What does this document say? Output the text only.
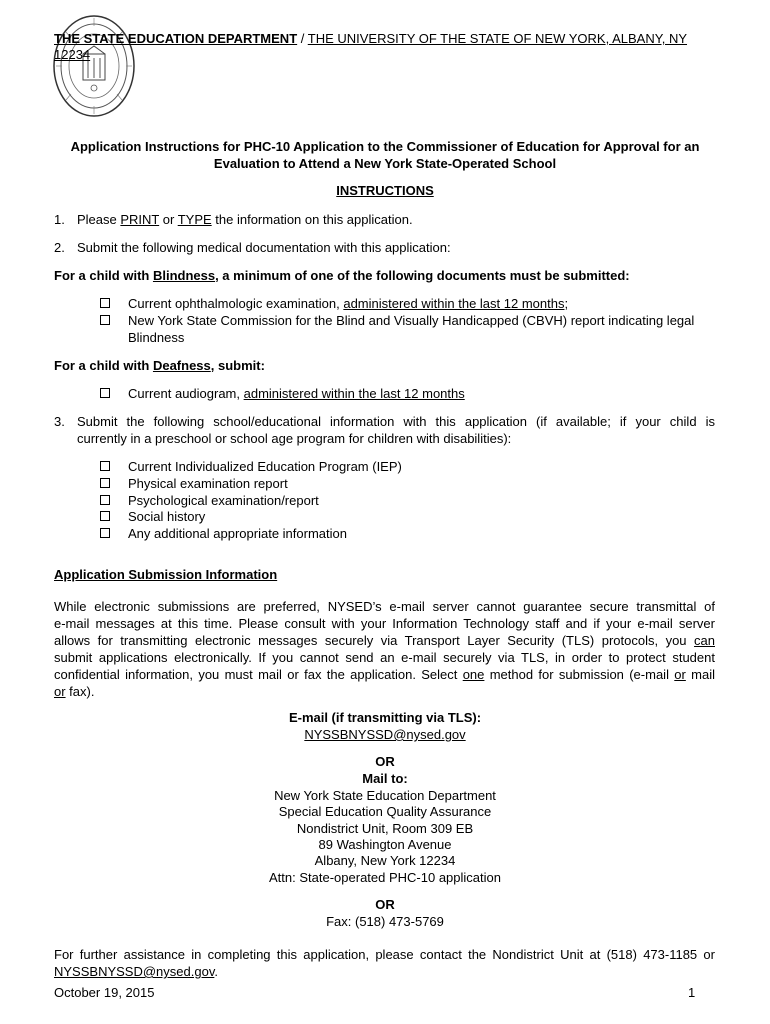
THE STATE EDUCATION DEPARTMENT / THE UNIVERSITY OF THE STATE OF NEW YORK, ALBANY, NY 12234
Application Instructions for PHC-10 Application to the Commissioner of Education for Approval for an
Evaluation to Attend a New York State-Operated School
INSTRUCTIONS
1. Please PRINT or TYPE the information on this application.
2. Submit the following medical documentation with this application:
For a child with Blindness, a minimum of one of the following documents must be submitted:
Current ophthalmologic examination, administered within the last 12 months;
New York State Commission for the Blind and Visually Handicapped (CBVH) report indicating legal
Blindness
For a child with Deafness, submit:
Current audiogram, administered within the last 12 months
3. Submit the following school/educational information with this application (if available; if your child is
currently in a preschool or school age program for children with disabilities):
Current Individualized Education Program (IEP)
Physical examination report
Psychological examination/report
Social history
Any additional appropriate information
Application Submission Information
While electronic submissions are preferred, NYSED’s e-mail server cannot guarantee secure transmittal of
e-mail messages at this time. Please consult with your Information Technology staff and if your e-mail server
allows for transmitting electronic messages securely via Transport Layer Security (TLS) protocols, you can
submit applications electronically. If you cannot send an e-mail securely via TLS, in order to protect student
confidential information, you must mail or fax the application. Select one method for submission (e-mail or mail
or fax).
E-mail (if transmitting via TLS):
NYSSBNYSSD@nysed.gov
OR
Mail to:
New York State Education Department
Special Education Quality Assurance
Nondistrict Unit, Room 309 EB
89 Washington Avenue
Albany, New York 12234
Attn: State-operated PHC-10 application
OR
Fax: (518) 473-5769
For further assistance in completing this application, please contact the Nondistrict Unit at (518) 473-1185 or
NYSSBNYSSD@nysed.gov.
October 19, 2015	1
